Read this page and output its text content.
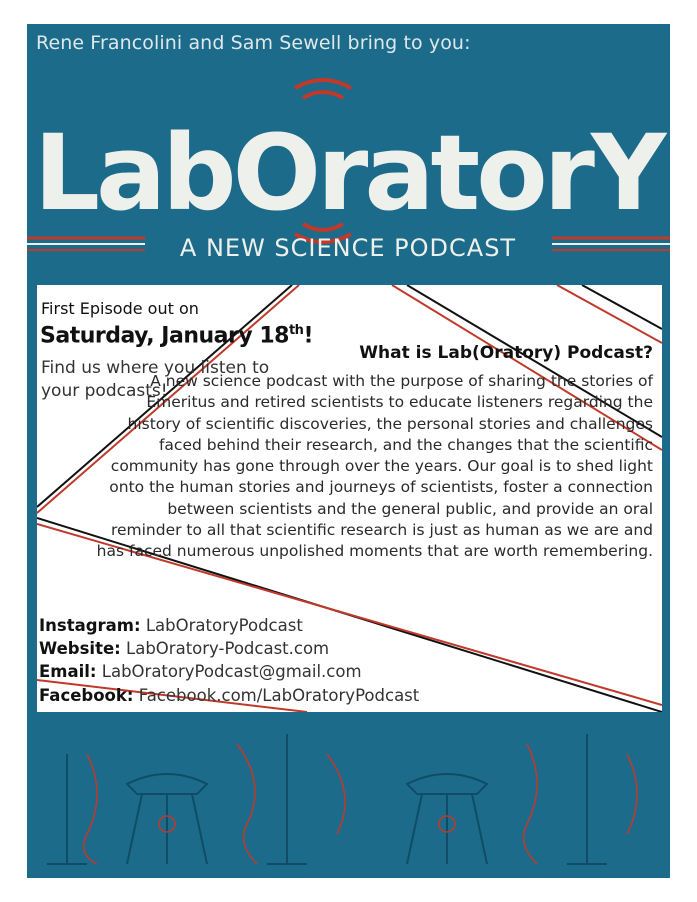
Rene Francolini and Sam Sewell bring to you:
LabOratorY
A NEW SCIENCE PODCAST
First Episode out on
Saturday, January 18th!
Find us where you listen to your podcasts!
What is Lab(Oratory) Podcast?
A new science podcast with the purpose of sharing the stories of Emeritus and retired scientists to educate listeners regarding the history of scientific discoveries, the personal stories and challenges faced behind their research, and the changes that the scientific community has gone through over the years. Our goal is to shed light onto the human stories and journeys of scientists, foster a connection between scientists and the general public, and provide an oral reminder to all that scientific research is just as human as we are and has faced numerous unpolished moments that are worth remembering.
Instagram: LabOratoryPodcast
Website: LabOratory-Podcast.com
Email: LabOratoryPodcast@gmail.com
Facebook: Facebook.com/LabOratoryPodcast
